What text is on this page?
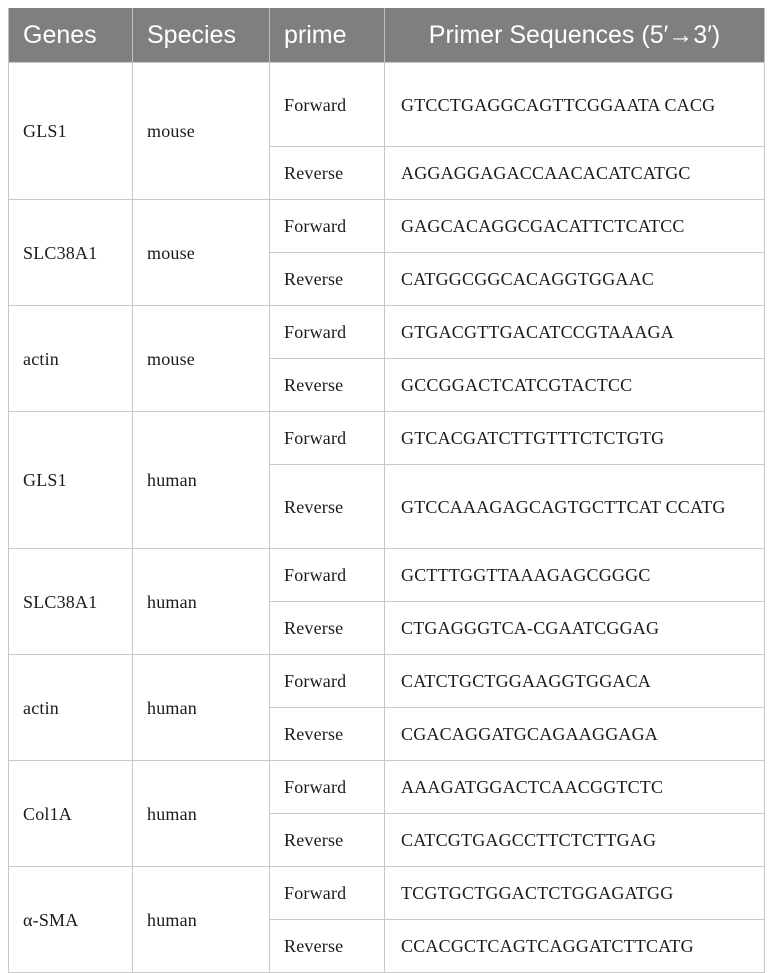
Genes	Species	prime	Primer Sequences (5′→3′)
GLS1	mouse	Forward	GTCCTGAGGCAGTTCGGAATA CACG
		Reverse	AGGAGGAGACCAACACATCATGC
SLC38A1	mouse	Forward	GAGCACAGGCGACATTCTCATCC
		Reverse	CATGGCGGCACAGGTGGAAC
actin	mouse	Forward	GTGACGTTGACATCCGTAAAGA
		Reverse	GCCGGACTCATCGTACTCC
GLS1	human	Forward	GTCACGATCTTGTTTCTCTGTG
		Reverse	GTCCAAAGAGCAGTGCTTCAT CCATG
SLC38A1	human	Forward	GCTTTGGTTAAAGAGCGGGC
		Reverse	CTGAGGGTCA-CGAATCGGAG
actin	human	Forward	CATCTGCTGGAAGGTGGACA
		Reverse	CGACAGGATGCAGAAGGAGA
Col1A	human	Forward	AAAGATGGACTCAACGGTCTC
		Reverse	CATCGTGAGCCTTCTCTTGAG
α-SMA	human	Forward	TCGTGCTGGACTCTGGAGATGG
		Reverse	CCACGCTCAGTCAGGATCTTCATG
